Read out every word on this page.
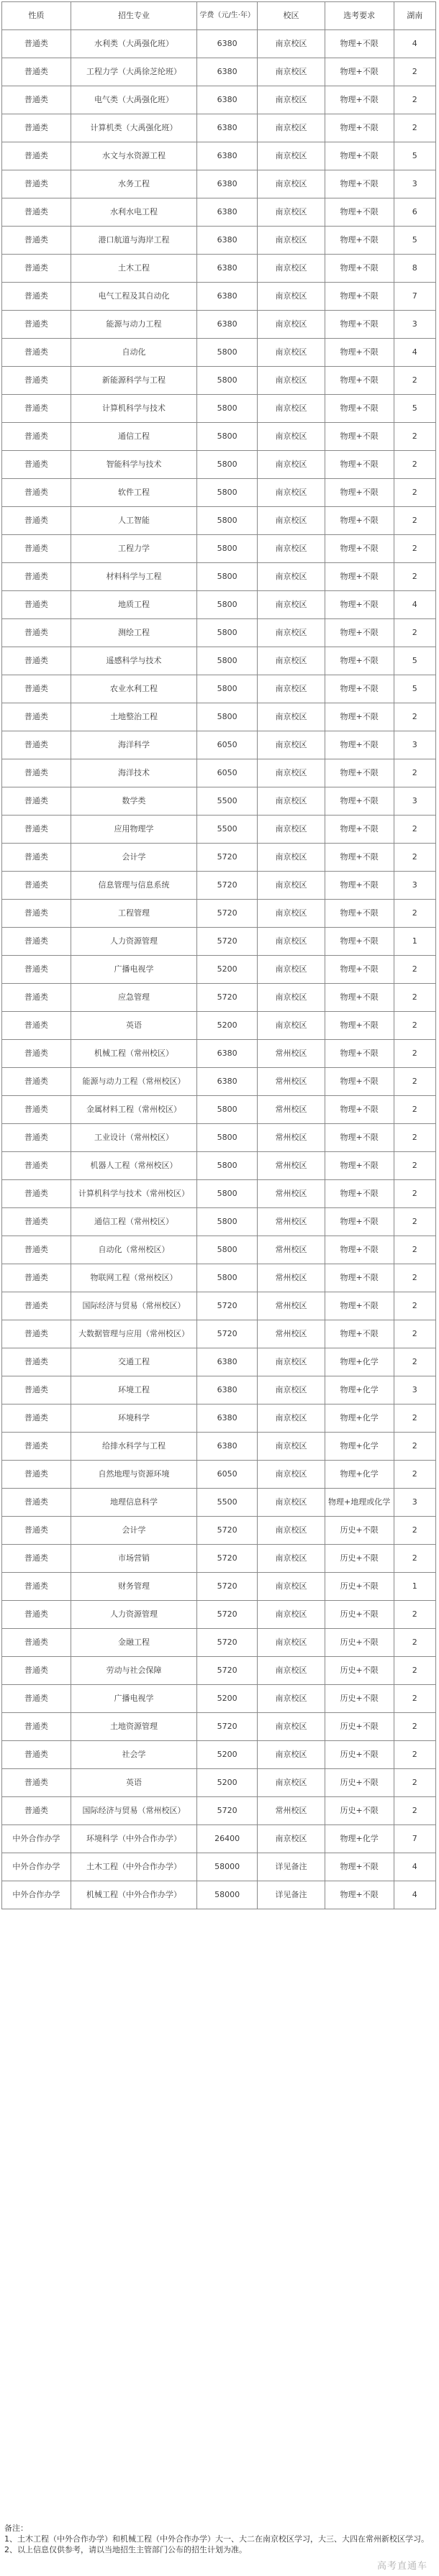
性质	招生专业	学费（元/生·年）	校区	选考要求	湖南
普通类	水利类（大禹强化班）	6380	南京校区	物理+不限	4
普通类	工程力学（大禹徐芝纶班）	6380	南京校区	物理+不限	2
普通类	电气类（大禹强化班）	6380	南京校区	物理+不限	2
普通类	计算机类（大禹强化班）	6380	南京校区	物理+不限	2
普通类	水文与水资源工程	6380	南京校区	物理+不限	5
普通类	水务工程	6380	南京校区	物理+不限	3
普通类	水利水电工程	6380	南京校区	物理+不限	6
普通类	港口航道与海岸工程	6380	南京校区	物理+不限	5
普通类	土木工程	6380	南京校区	物理+不限	8
普通类	电气工程及其自动化	6380	南京校区	物理+不限	7
普通类	能源与动力工程	6380	南京校区	物理+不限	3
普通类	自动化	5800	南京校区	物理+不限	4
普通类	新能源科学与工程	5800	南京校区	物理+不限	2
普通类	计算机科学与技术	5800	南京校区	物理+不限	5
普通类	通信工程	5800	南京校区	物理+不限	2
普通类	智能科学与技术	5800	南京校区	物理+不限	2
普通类	软件工程	5800	南京校区	物理+不限	2
普通类	人工智能	5800	南京校区	物理+不限	2
普通类	工程力学	5800	南京校区	物理+不限	2
普通类	材料科学与工程	5800	南京校区	物理+不限	2
普通类	地质工程	5800	南京校区	物理+不限	4
普通类	测绘工程	5800	南京校区	物理+不限	2
普通类	遥感科学与技术	5800	南京校区	物理+不限	5
普通类	农业水利工程	5800	南京校区	物理+不限	5
普通类	土地整治工程	5800	南京校区	物理+不限	2
普通类	海洋科学	6050	南京校区	物理+不限	3
普通类	海洋技术	6050	南京校区	物理+不限	2
普通类	数学类	5500	南京校区	物理+不限	3
普通类	应用物理学	5500	南京校区	物理+不限	2
普通类	会计学	5720	南京校区	物理+不限	2
普通类	信息管理与信息系统	5720	南京校区	物理+不限	3
普通类	工程管理	5720	南京校区	物理+不限	2
普通类	人力资源管理	5720	南京校区	物理+不限	1
普通类	广播电视学	5200	南京校区	物理+不限	2
普通类	应急管理	5720	南京校区	物理+不限	2
普通类	英语	5200	南京校区	物理+不限	2
普通类	机械工程（常州校区）	6380	常州校区	物理+不限	2
普通类	能源与动力工程（常州校区）	6380	常州校区	物理+不限	2
普通类	金属材料工程（常州校区）	5800	常州校区	物理+不限	2
普通类	工业设计（常州校区）	5800	常州校区	物理+不限	2
普通类	机器人工程（常州校区）	5800	常州校区	物理+不限	2
普通类	计算机科学与技术（常州校区）	5800	常州校区	物理+不限	2
普通类	通信工程（常州校区）	5800	常州校区	物理+不限	2
普通类	自动化（常州校区）	5800	常州校区	物理+不限	2
普通类	物联网工程（常州校区）	5800	常州校区	物理+不限	2
普通类	国际经济与贸易（常州校区）	5720	常州校区	物理+不限	2
普通类	大数据管理与应用（常州校区）	5720	常州校区	物理+不限	2
普通类	交通工程	6380	南京校区	物理+化学	2
普通类	环境工程	6380	南京校区	物理+化学	3
普通类	环境科学	6380	南京校区	物理+化学	2
普通类	给排水科学与工程	6380	南京校区	物理+化学	2
普通类	自然地理与资源环境	6050	南京校区	物理+化学	2
普通类	地理信息科学	5500	南京校区	物理+地理或化学	3
普通类	会计学	5720	南京校区	历史+不限	2
普通类	市场营销	5720	南京校区	历史+不限	2
普通类	财务管理	5720	南京校区	历史+不限	1
普通类	人力资源管理	5720	南京校区	历史+不限	2
普通类	金融工程	5720	南京校区	历史+不限	2
普通类	劳动与社会保障	5720	南京校区	历史+不限	2
普通类	广播电视学	5200	南京校区	历史+不限	2
普通类	土地资源管理	5720	南京校区	历史+不限	2
普通类	社会学	5200	南京校区	历史+不限	2
普通类	英语	5200	南京校区	历史+不限	2
普通类	国际经济与贸易（常州校区）	5720	常州校区	历史+不限	2
中外合作办学	环境科学（中外合作办学）	26400	南京校区	物理+化学	7
中外合作办学	土木工程（中外合作办学）	58000	详见备注	物理+不限	4
中外合作办学	机械工程（中外合作办学）	58000	详见备注	物理+不限	4
备注：
1、土木工程（中外合作办学）和机械工程（中外合作办学）大一、大二在南京校区学习，大三、大四在常州新校区学习。
2、以上信息仅供参考，请以当地招生主管部门公布的招生计划为准。
高考直通车
